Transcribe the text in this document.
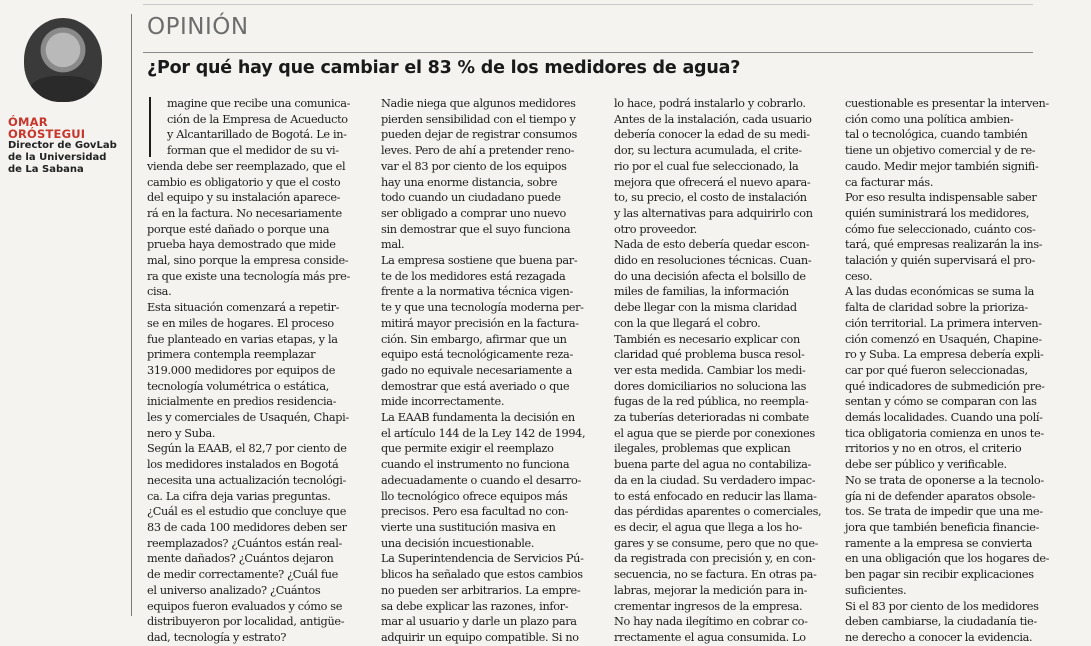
ÓMAR
ORÓSTEGUI
Director de GovLab
de la Universidad
de La Sabana
OPINIÓN
¿Por qué hay que cambiar el 83 % de los medidores de agua?

magine que recibe una comunica-

ción de la Empresa de Acueducto

y Alcantarillado de Bogotá. Le in-

forman que el medidor de su vi-

vienda debe ser reemplazado, que el

cambio es obligatorio y que el costo

del equipo y su instalación aparece-

rá en la factura. No necesariamente

porque esté dañado o porque una

prueba haya demostrado que mide

mal, sino porque la empresa conside-

ra que existe una tecnología más pre-

cisa.

Esta situación comenzará a repetir-

se en miles de hogares. El proceso

fue planteado en varias etapas, y la

primera contempla reemplazar

319.000 medidores por equipos de

tecnología volumétrica o estática,

inicialmente en predios residencia-

les y comerciales de Usaquén, Chapi-

nero y Suba.

Según la EAAB, el 82,7 por ciento de

los medidores instalados en Bogotá

necesita una actualización tecnológi-

ca. La cifra deja varias preguntas.

¿Cuál es el estudio que concluye que

83 de cada 100 medidores deben ser

reemplazados? ¿Cuántos están real-

mente dañados? ¿Cuántos dejaron

de medir correctamente? ¿Cuál fue

el universo analizado? ¿Cuántos

equipos fueron evaluados y cómo se

distribuyeron por localidad, antigüe-

dad, tecnología y estrato?

Nadie niega que algunos medidores

pierden sensibilidad con el tiempo y

pueden dejar de registrar consumos

leves. Pero de ahí a pretender reno-

var el 83 por ciento de los equipos

hay una enorme distancia, sobre

todo cuando un ciudadano puede

ser obligado a comprar uno nuevo

sin demostrar que el suyo funciona

mal.

La empresa sostiene que buena par-

te de los medidores está rezagada

frente a la normativa técnica vigen-

te y que una tecnología moderna per-

mitirá mayor precisión en la factura-

ción. Sin embargo, afirmar que un

equipo está tecnológicamente reza-

gado no equivale necesariamente a

demostrar que está averiado o que

mide incorrectamente.

La EAAB fundamenta la decisión en

el artículo 144 de la Ley 142 de 1994,

que permite exigir el reemplazo

cuando el instrumento no funciona

adecuadamente o cuando el desarro-

llo tecnológico ofrece equipos más

precisos. Pero esa facultad no con-

vierte una sustitución masiva en

una decisión incuestionable.

La Superintendencia de Servicios Pú-

blicos ha señalado que estos cambios

no pueden ser arbitrarios. La empre-

sa debe explicar las razones, infor-

mar al usuario y darle un plazo para

adquirir un equipo compatible. Si no

lo hace, podrá instalarlo y cobrarlo.

Antes de la instalación, cada usuario

debería conocer la edad de su medi-

dor, su lectura acumulada, el crite-

rio por el cual fue seleccionado, la

mejora que ofrecerá el nuevo apara-

to, su precio, el costo de instalación

y las alternativas para adquirirlo con

otro proveedor.

Nada de esto debería quedar escon-

dido en resoluciones técnicas. Cuan-

do una decisión afecta el bolsillo de

miles de familias, la información

debe llegar con la misma claridad

con la que llegará el cobro.

También es necesario explicar con

claridad qué problema busca resol-

ver esta medida. Cambiar los medi-

dores domiciliarios no soluciona las

fugas de la red pública, no reempla-

za tuberías deterioradas ni combate

el agua que se pierde por conexiones

ilegales, problemas que explican

buena parte del agua no contabiliza-

da en la ciudad. Su verdadero impac-

to está enfocado en reducir las llama-

das pérdidas aparentes o comerciales,

es decir, el agua que llega a los ho-

gares y se consume, pero que no que-

da registrada con precisión y, en con-

secuencia, no se factura. En otras pa-

labras, mejorar la medición para in-

crementar ingresos de la empresa.

No hay nada ilegítimo en cobrar co-

rrectamente el agua consumida. Lo

cuestionable es presentar la interven-

ción como una política ambien-

tal o tecnológica, cuando también

tiene un objetivo comercial y de re-

caudo. Medir mejor también signifi-

ca facturar más.

Por eso resulta indispensable saber

quién suministrará los medidores,

cómo fue seleccionado, cuánto cos-

tará, qué empresas realizarán la ins-

talación y quién supervisará el pro-

ceso.

A las dudas económicas se suma la

falta de claridad sobre la prioriza-

ción territorial. La primera interven-

ción comenzó en Usaquén, Chapine-

ro y Suba. La empresa debería expli-

car por qué fueron seleccionadas,

qué indicadores de submedición pre-

sentan y cómo se comparan con las

demás localidades. Cuando una polí-

tica obligatoria comienza en unos te-

rritorios y no en otros, el criterio

debe ser público y verificable.

No se trata de oponerse a la tecnolo-

gía ni de defender aparatos obsole-

tos. Se trata de impedir que una me-

jora que también beneficia financie-

ramente a la empresa se convierta

en una obligación que los hogares de-

ben pagar sin recibir explicaciones

suficientes.

Si el 83 por ciento de los medidores

deben cambiarse, la ciudadanía tie-

ne derecho a conocer la evidencia.
